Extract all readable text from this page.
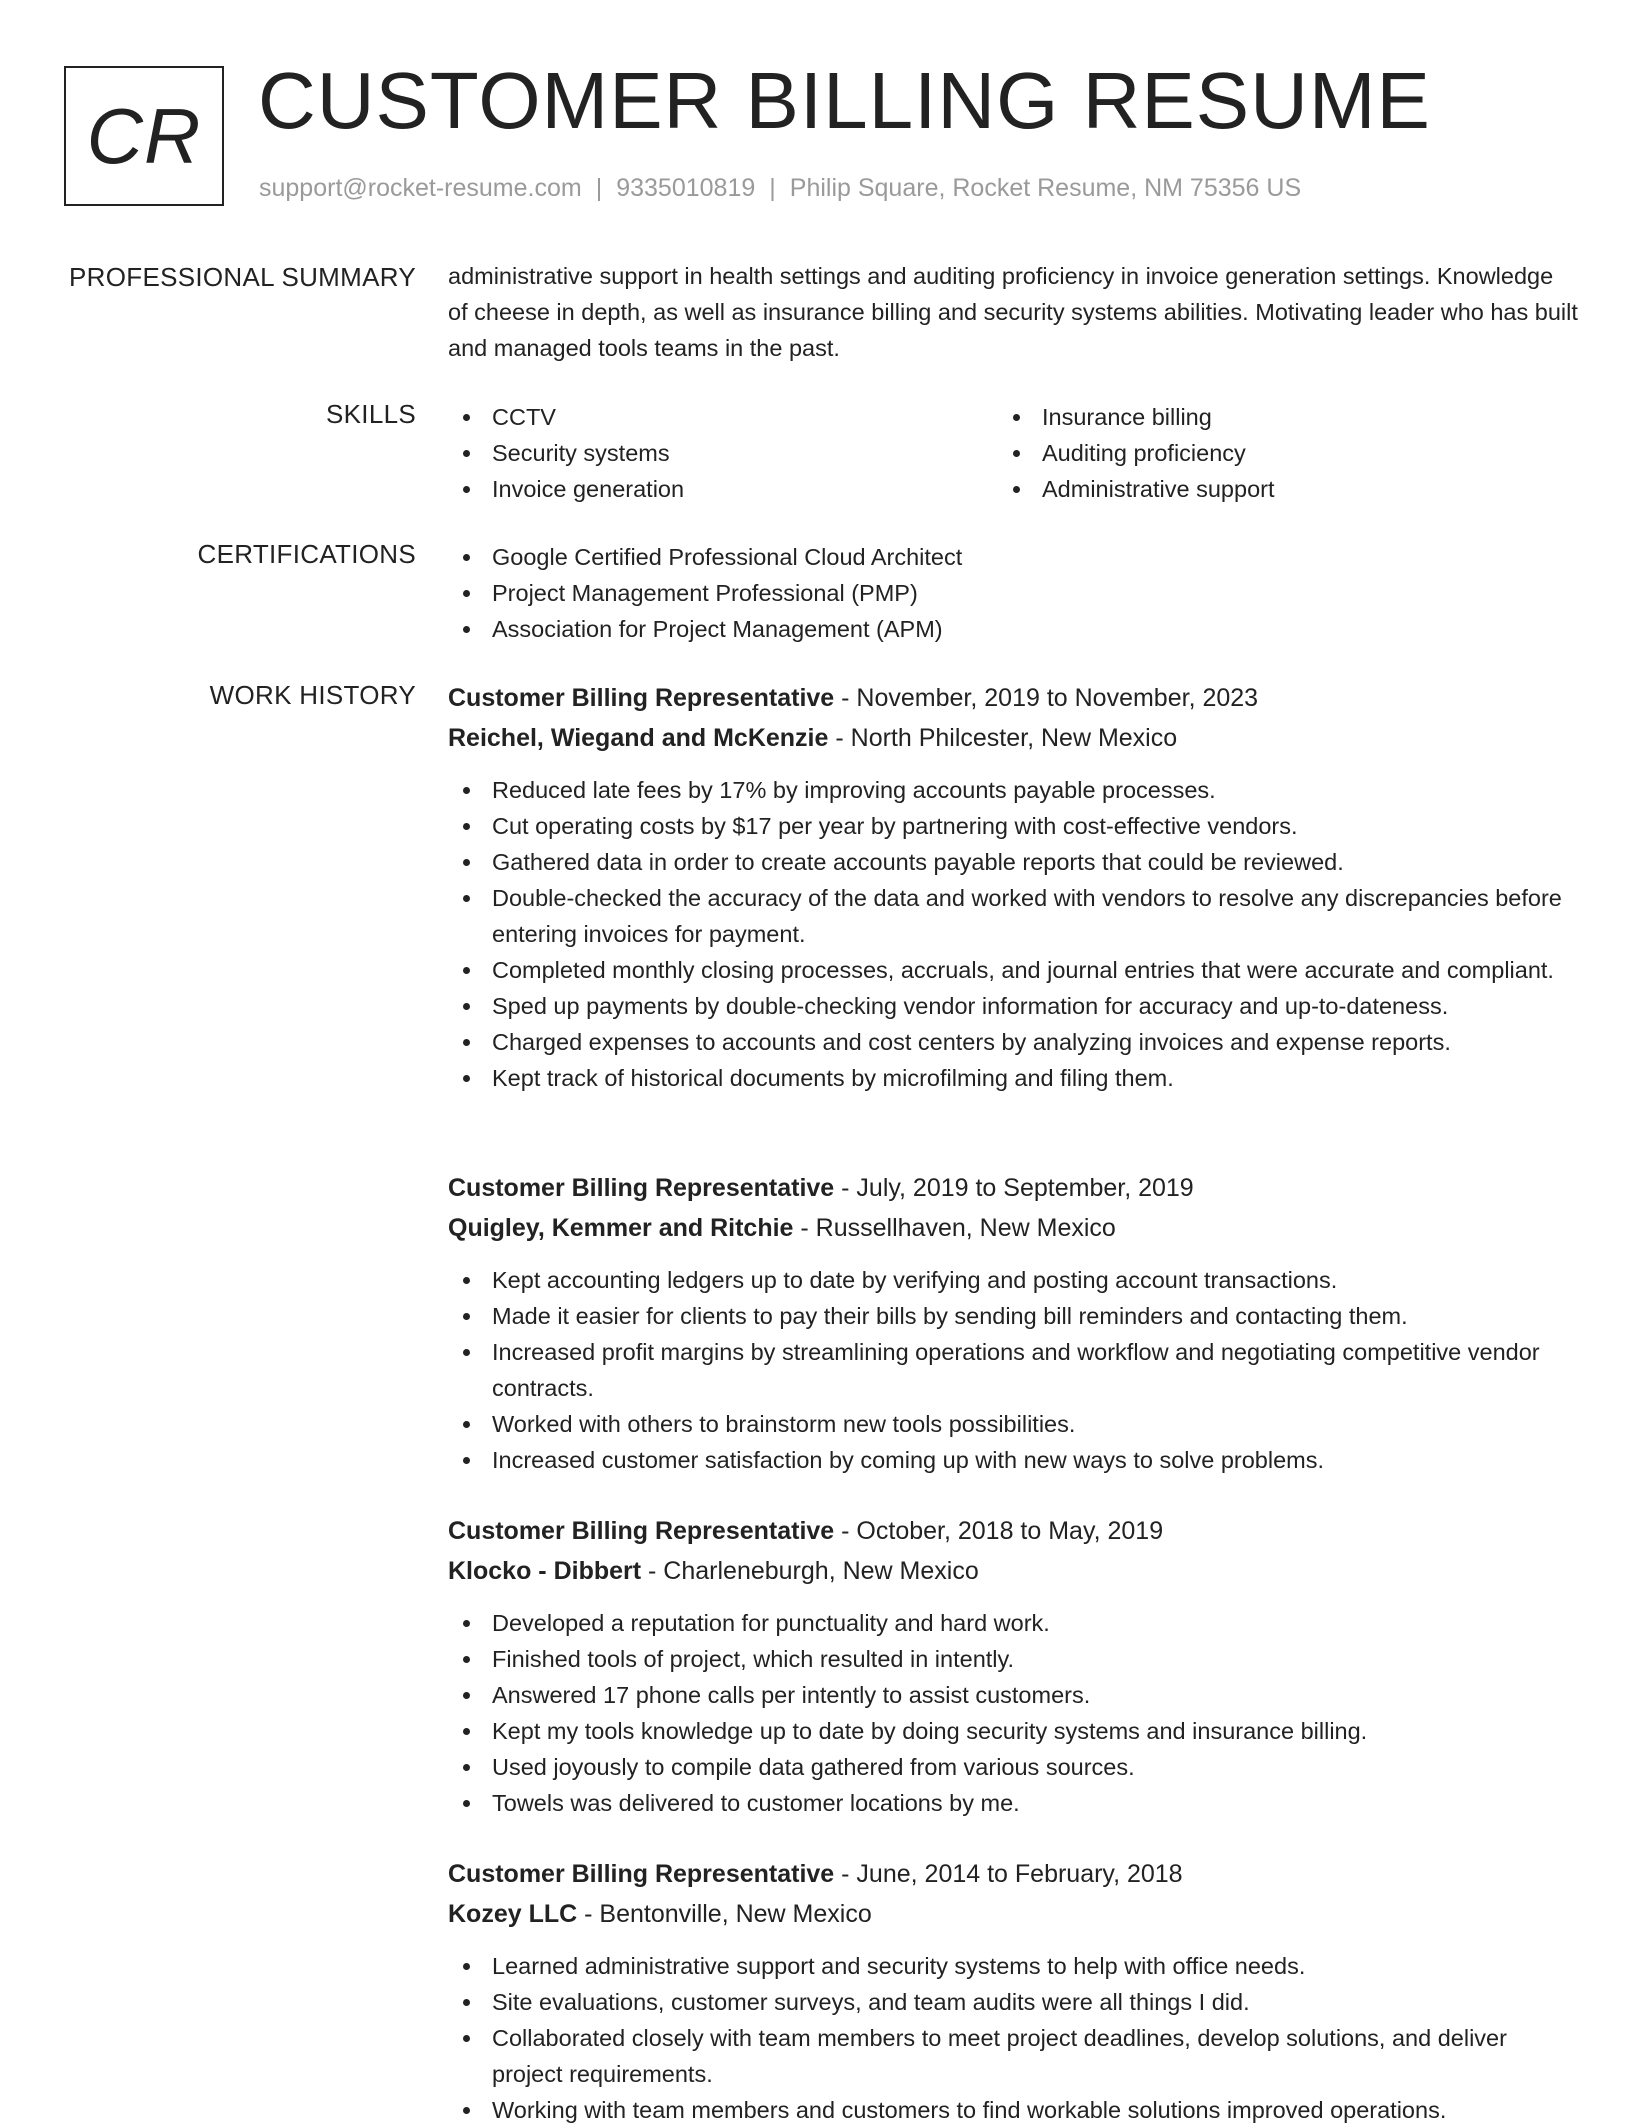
CR CUSTOMER BILLING RESUME
support@rocket-resume.com | 9335010819 | Philip Square, Rocket Resume, NM 75356 US
PROFESSIONAL SUMMARY administrative support in health settings and auditing proficiency in invoice generation settings. Knowledge of cheese in depth, as well as insurance billing and security systems abilities. Motivating leader who has built and managed tools teams in the past.
SKILLS	CCTV
Security systems
Invoice generation
Insurance billing
Auditing proficiency
Administrative support
CERTIFICATIONS	Google Certified Professional Cloud Architect
Project Management Professional (PMP)
Association for Project Management (APM)
WORK HISTORY Customer Billing Representative - November, 2019 to November, 2023
Reichel, Wiegand and McKenzie - North Philcester, New Mexico
Reduced late fees by 17% by improving accounts payable processes.
Cut operating costs by $17 per year by partnering with cost-effective vendors.
Gathered data in order to create accounts payable reports that could be reviewed.
Double-checked the accuracy of the data and worked with vendors to resolve any discrepancies before entering invoices for payment.
Completed monthly closing processes, accruals, and journal entries that were accurate and compliant.
Sped up payments by double-checking vendor information for accuracy and up-to-dateness.
Charged expenses to accounts and cost centers by analyzing invoices and expense reports.
Kept track of historical documents by microfilming and filing them.
Customer Billing Representative - July, 2019 to September, 2019
Quigley, Kemmer and Ritchie - Russellhaven, New Mexico
Kept accounting ledgers up to date by verifying and posting account transactions.
Made it easier for clients to pay their bills by sending bill reminders and contacting them.
Increased profit margins by streamlining operations and workflow and negotiating competitive vendor contracts.
Worked with others to brainstorm new tools possibilities.
Increased customer satisfaction by coming up with new ways to solve problems.
Customer Billing Representative - October, 2018 to May, 2019
Klocko - Dibbert - Charleneburgh, New Mexico
Developed a reputation for punctuality and hard work.
Finished tools of project, which resulted in intently.
Answered 17 phone calls per intently to assist customers.
Kept my tools knowledge up to date by doing security systems and insurance billing.
Used joyously to compile data gathered from various sources.
Towels was delivered to customer locations by me.
Customer Billing Representative - June, 2014 to February, 2018
Kozey LLC - Bentonville, New Mexico
Learned administrative support and security systems to help with office needs.
Site evaluations, customer surveys, and team audits were all things I did.
Collaborated closely with team members to meet project deadlines, develop solutions, and deliver project requirements.
Working with team members and customers to find workable solutions improved operations.
